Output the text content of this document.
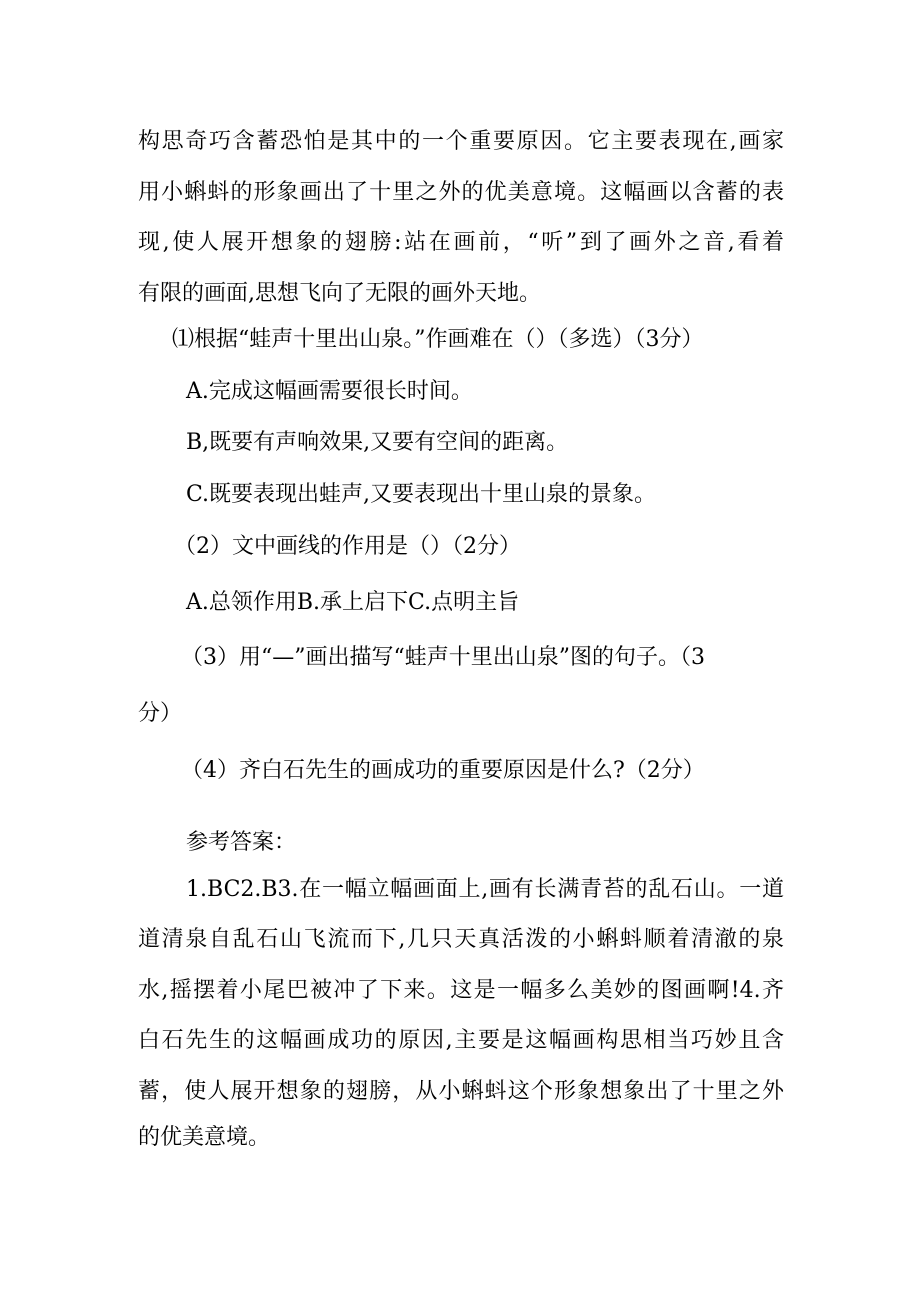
构思奇巧含蓄恐怕是其中的一个重要原因。它主要表现在,画家
用小蝌蚪的形象画出了十里之外的优美意境。这幅画以含蓄的表
现,使人展开想象的翅膀:站在画前，“听”到了画外之音,看着
有限的画面,思想飞向了无限的画外天地。
⑴根据“蛙声十里出山泉。”作画难在（）（多选）（3分）
A.完成这幅画需要很长时间。
B,既要有声响效果,又要有空间的距离。
C.既要表现出蛙声,又要表现出十里山泉的景象。
（2）文中画线的作用是（）（2分）
A.总领作用B.承上启下C.点明主旨
（3）用“—”画出描写“蛙声十里出山泉”图的句子。（3
分）
（4）齐白石先生的画成功的重要原因是什么?（2分）
参考答案：
1.BC2.B3.在一幅立幅画面上,画有长满青苔的乱石山。一道
道清泉自乱石山飞流而下,几只天真活泼的小蝌蚪顺着清澈的泉
水,摇摆着小尾巴被冲了下来。这是一幅多么美妙的图画啊!4.齐
白石先生的这幅画成功的原因,主要是这幅画构思相当巧妙且含
蓄，使人展开想象的翅膀，从小蝌蚪这个形象想象出了十里之外
的优美意境。
